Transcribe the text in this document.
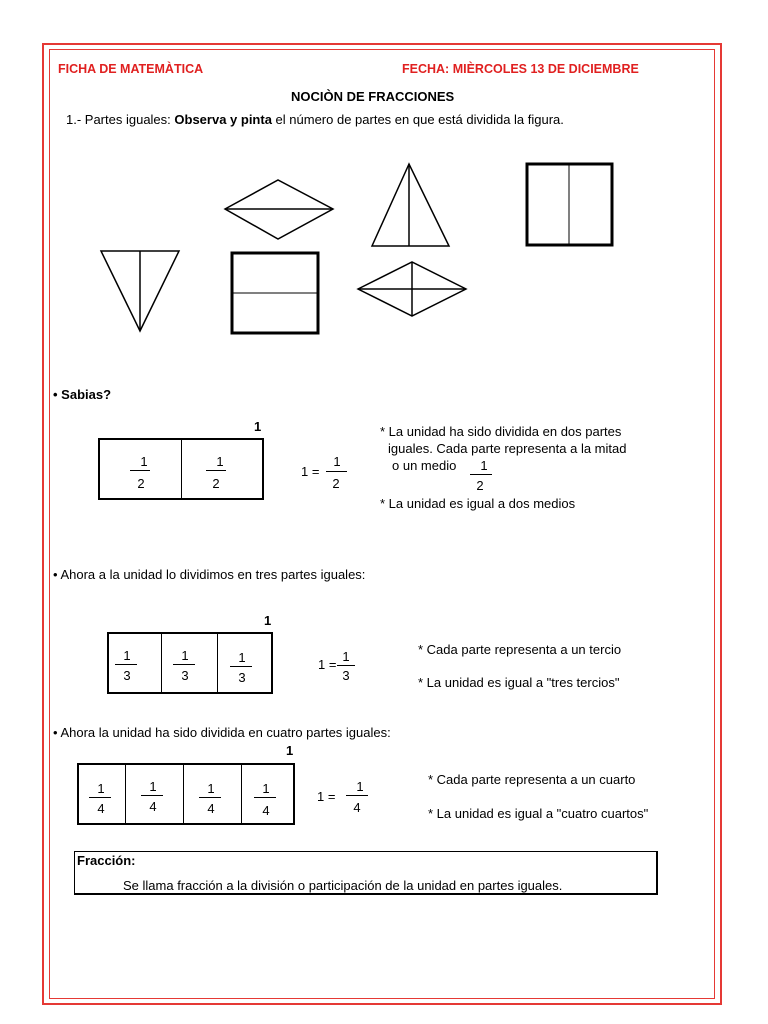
FICHA DE MATEMÀTICA	FECHA: MIÈRCOLES 13 DE DICIEMBRE
NOCIÒN DE FRACCIONES
1.- Partes iguales: Observa y pinta el número de partes en que está dividida la figura.
• Sabias?
1
1
2
1
2
1 =
1
2
* La unidad ha sido dividida en dos partes
iguales. Cada parte representa a la mitad
o un medio	1
2
* La unidad es igual a dos medios
• Ahora a la unidad lo dividimos en tres partes iguales:
1
1
3
1
3
1
3
1 =
1
3
* Cada parte representa a un tercio
* La unidad es igual a "tres tercios"
• Ahora la unidad ha sido dividida en cuatro partes iguales:
1
1
4
1
4
1
4
1
4
1 =
1
4
* Cada parte representa a un cuarto
* La unidad es igual a "cuatro cuartos"
Fracción:
Se llama fracción a la división o participación de la unidad en partes iguales.
